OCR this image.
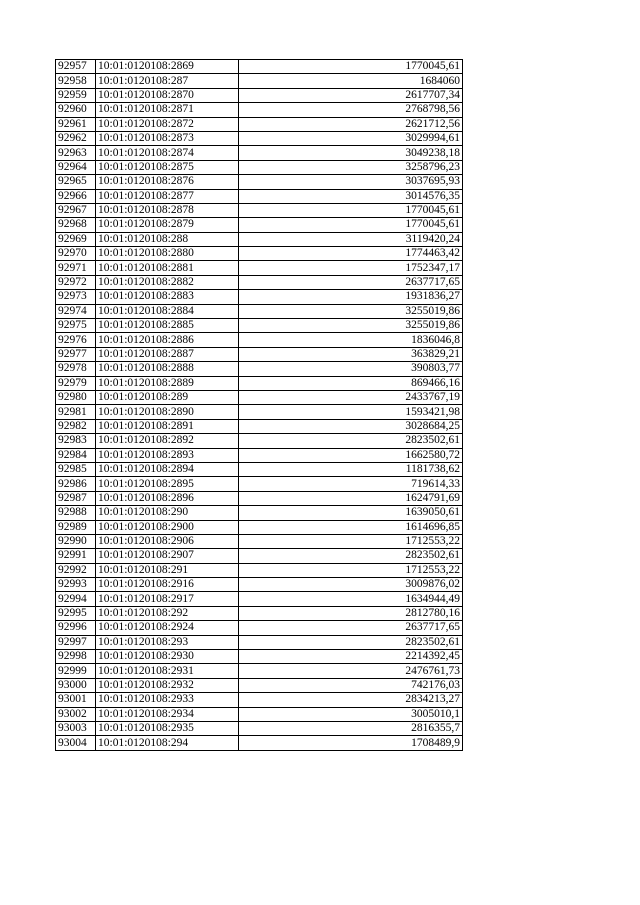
92957	10:01:0120108:2869	1770045,61
92958	10:01:0120108:287	1684060
92959	10:01:0120108:2870	2617707,34
92960	10:01:0120108:2871	2768798,56
92961	10:01:0120108:2872	2621712,56
92962	10:01:0120108:2873	3029994,61
92963	10:01:0120108:2874	3049238,18
92964	10:01:0120108:2875	3258796,23
92965	10:01:0120108:2876	3037695,93
92966	10:01:0120108:2877	3014576,35
92967	10:01:0120108:2878	1770045,61
92968	10:01:0120108:2879	1770045,61
92969	10:01:0120108:288	3119420,24
92970	10:01:0120108:2880	1774463,42
92971	10:01:0120108:2881	1752347,17
92972	10:01:0120108:2882	2637717,65
92973	10:01:0120108:2883	1931836,27
92974	10:01:0120108:2884	3255019,86
92975	10:01:0120108:2885	3255019,86
92976	10:01:0120108:2886	1836046,8
92977	10:01:0120108:2887	363829,21
92978	10:01:0120108:2888	390803,77
92979	10:01:0120108:2889	869466,16
92980	10:01:0120108:289	2433767,19
92981	10:01:0120108:2890	1593421,98
92982	10:01:0120108:2891	3028684,25
92983	10:01:0120108:2892	2823502,61
92984	10:01:0120108:2893	1662580,72
92985	10:01:0120108:2894	1181738,62
92986	10:01:0120108:2895	719614,33
92987	10:01:0120108:2896	1624791,69
92988	10:01:0120108:290	1639050,61
92989	10:01:0120108:2900	1614696,85
92990	10:01:0120108:2906	1712553,22
92991	10:01:0120108:2907	2823502,61
92992	10:01:0120108:291	1712553,22
92993	10:01:0120108:2916	3009876,02
92994	10:01:0120108:2917	1634944,49
92995	10:01:0120108:292	2812780,16
92996	10:01:0120108:2924	2637717,65
92997	10:01:0120108:293	2823502,61
92998	10:01:0120108:2930	2214392,45
92999	10:01:0120108:2931	2476761,73
93000	10:01:0120108:2932	742176,03
93001	10:01:0120108:2933	2834213,27
93002	10:01:0120108:2934	3005010,1
93003	10:01:0120108:2935	2816355,7
93004	10:01:0120108:294	1708489,9
